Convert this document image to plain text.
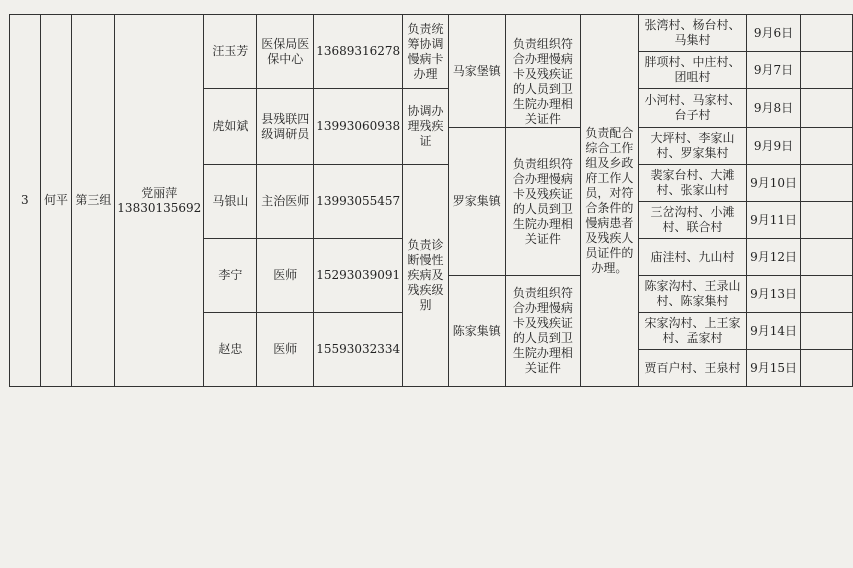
3	何平	第三组	党丽萍 13830135692	汪玉芳	医保局医保中心	13689316278	负责统筹协调慢病卡办理	马家堡镇	负责组织符合办理慢病卡及残疾证的人员到卫生院办理相关证件	负责配合综合工作组及乡政府工作人员，对符合条件的慢病患者及残疾人员证件的办理。	张湾村、杨台村、马集村	9月6日	
											胖项村、中庄村、团咀村	9月7日	
				虎如斌	县残联四级调研员	13993060938	协调办理残疾证				小河村、马家村、台子村	9月8日	
								罗家集镇	负责组织符合办理慢病卡及残疾证的人员到卫生院办理相关证件		大坪村、李家山村、罗家集村	9月9日	
				马银山	主治医师	13993055457	负责诊断慢性疾病及残疾级别				裴家台村、大滩村、张家山村	9月10日	
											三岔沟村、小滩村、联合村	9月11日	
				李宁	医师	15293039091					庙洼村、九山村	9月12日	
								陈家集镇	负责组织符合办理慢病卡及残疾证的人员到卫生院办理相关证件		陈家沟村、王录山村、陈家集村	9月13日	
				赵忠	医师	15593032334					宋家沟村、上王家村、孟家村	9月14日	
											贾百户村、王泉村	9月15日	
